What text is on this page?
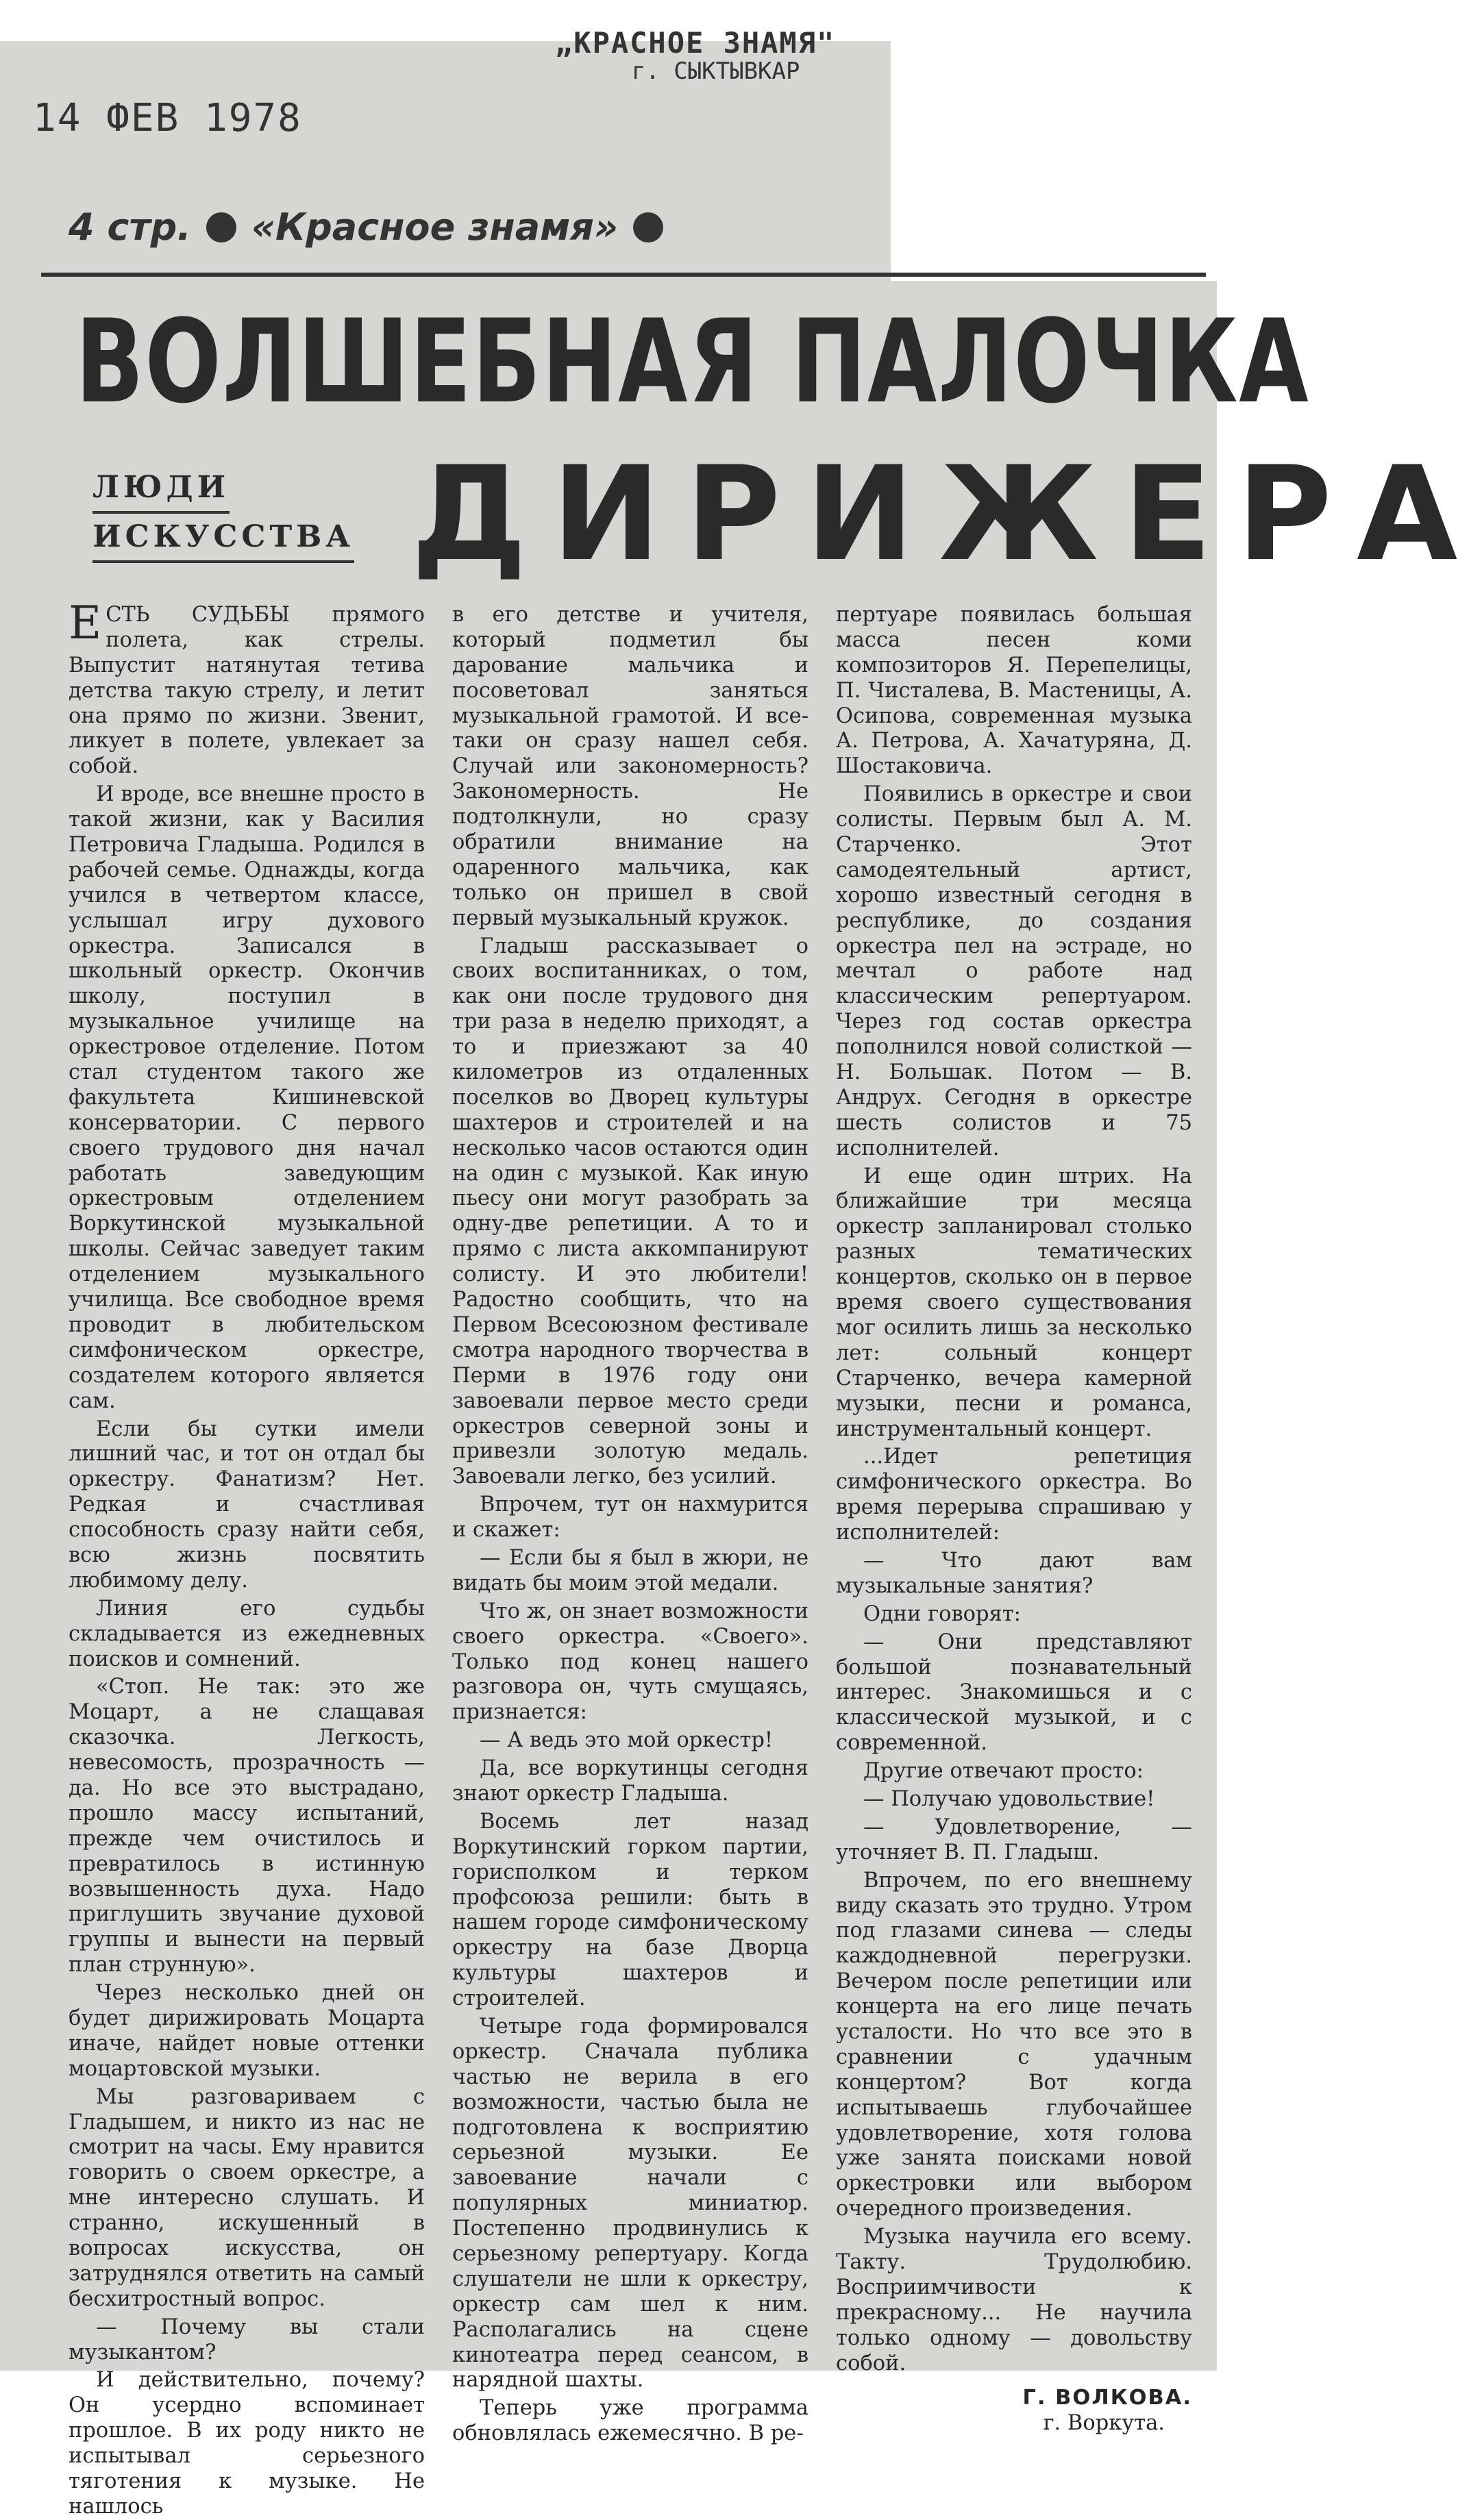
14 ФЕВ 1978
„КРАСНОЕ ЗНАМЯ"
г. СЫКТЫВКАР
4 стр. «Красное знамя»
ВОЛШЕБНАЯ ПАЛОЧКА
ЛЮДИ
ИСКУССТВА ДИРИЖЕРА

ЕСТЬ СУДЬБЫ прямого полета, как стрелы. Выпустит натянутая тетива детства такую стрелу, и летит она прямо по жизни. Звенит, ликует в полете, увлекает за собой.

И вроде, все внешне просто в такой жизни, как у Василия Петровича Гладыша. Родился в рабочей семье. Однажды, когда учился в четвертом классе, услышал игру духового оркестра. Записался в школьный оркестр. Окончив школу, поступил в музыкальное училище на оркестровое отделение. Потом стал студентом такого же факультета Кишиневской консерватории. С первого своего трудового дня начал работать заведующим оркестровым отделением Воркутинской музыкальной школы. Сейчас заведует таким отделением музыкального училища. Все свободное время проводит в любительском симфоническом оркестре, создателем которого является сам.

Если бы сутки имели лишний час, и тот он отдал бы оркестру. Фанатизм? Нет. Редкая и счастливая способность сразу найти себя, всю жизнь посвятить любимому делу.

Линия его судьбы складывается из ежедневных поисков и сомнений.

«Стоп. Не так: это же Моцарт, а не слащавая сказочка. Легкость, невесомость, прозрачность — да. Но все это выстрадано, прошло массу испытаний, прежде чем очистилось и превратилось в истинную возвышенность духа. Надо приглушить звучание духовой группы и вынести на первый план струнную».

Через несколько дней он будет дирижировать Моцарта иначе, найдет новые оттенки моцартовской музыки.

Мы разговариваем с Гладышем, и никто из нас не смотрит на часы. Ему нравится говорить о своем оркестре, а мне интересно слушать. И странно, искушенный в вопросах искусства, он затруднялся ответить на самый бесхитростный вопрос.

— Почему вы стали музыкантом?

И действительно, почему? Он усердно вспоминает прошлое. В их роду никто не испытывал серьезного тяготения к музыке. Не нашлось

в его детстве и учителя, который подметил бы дарование мальчика и посоветовал заняться музыкальной грамотой. И все-таки он сразу нашел себя. Случай или закономерность? Закономерность. Не подтолкнули, но сразу обратили внимание на одаренного мальчика, как только он пришел в свой первый музыкальный кружок.

Гладыш рассказывает о своих воспитанниках, о том, как они после трудового дня три раза в неделю приходят, а то и приезжают за 40 километров из отдаленных поселков во Дворец культуры шахтеров и строителей и на несколько часов остаются один на один с музыкой. Как иную пьесу они могут разобрать за одну-две репетиции. А то и прямо с листа аккомпанируют солисту. И это любители! Радостно сообщить, что на Первом Всесоюзном фестивале смотра народного творчества в Перми в 1976 году они завоевали первое место среди оркестров северной зоны и привезли золотую медаль. Завоевали легко, без усилий.

Впрочем, тут он нахмурится и скажет:

— Если бы я был в жюри, не видать бы моим этой медали.

Что ж, он знает возможности своего оркестра. «Своего». Только под конец нашего разговора он, чуть смущаясь, признается:

— А ведь это мой оркестр!

Да, все воркутинцы сегодня знают оркестр Гладыша.

Восемь лет назад Воркутинский горком партии, горисполком и терком профсоюза решили: быть в нашем городе симфоническому оркестру на базе Дворца культуры шахтеров и строителей.

Четыре года формировался оркестр. Сначала публика частью не верила в его возможности, частью была не подготовлена к восприятию серьезной музыки. Ее завоевание начали с популярных миниатюр. Постепенно продвинулись к серьезному репертуару. Когда слушатели не шли к оркестру, оркестр сам шел к ним. Располагались на сцене кинотеатра перед сеансом, в нарядной шахты.

Теперь уже программа обновлялась ежемесячно. В ре-

пертуаре появилась большая масса песен коми композиторов Я. Перепелицы, П. Чисталева, В. Мастеницы, А. Осипова, современная музыка А. Петрова, А. Хачатуряна, Д. Шостаковича.

Появились в оркестре и свои солисты. Первым был А. М. Старченко. Этот самодеятельный артист, хорошо известный сегодня в республике, до создания оркестра пел на эстраде, но мечтал о работе над классическим репертуаром. Через год состав оркестра пополнился новой солисткой — Н. Большак. Потом — В. Андрух. Сегодня в оркестре шесть солистов и 75 исполнителей.

И еще один штрих. На ближайшие три месяца оркестр запланировал столько разных тематических концертов, сколько он в первое время своего существования мог осилить лишь за несколько лет: сольный концерт Старченко, вечера камерной музыки, песни и романса, инструментальный концерт.

...Идет репетиция симфонического оркестра. Во время перерыва спрашиваю у исполнителей:

— Что дают вам музыкальные занятия?

Одни говорят:

— Они представляют большой познавательный интерес. Знакомишься и с классической музыкой, и с современной.

Другие отвечают просто:

— Получаю удовольствие!

— Удовлетворение, — уточняет В. П. Гладыш.

Впрочем, по его внешнему виду сказать это трудно. Утром под глазами синева — следы каждодневной перегрузки. Вечером после репетиции или концерта на его лице печать усталости. Но что все это в сравнении с удачным концертом? Вот когда испытываешь глубочайшее удовлетворение, хотя голова уже занята поисками новой оркестровки или выбором очередного произведения.

Музыка научила его всему. Такту. Трудолюбию. Восприимчивости к прекрасному... Не научила только одному — довольству собой.

Г. ВОЛКОВА.
г. Воркута.
